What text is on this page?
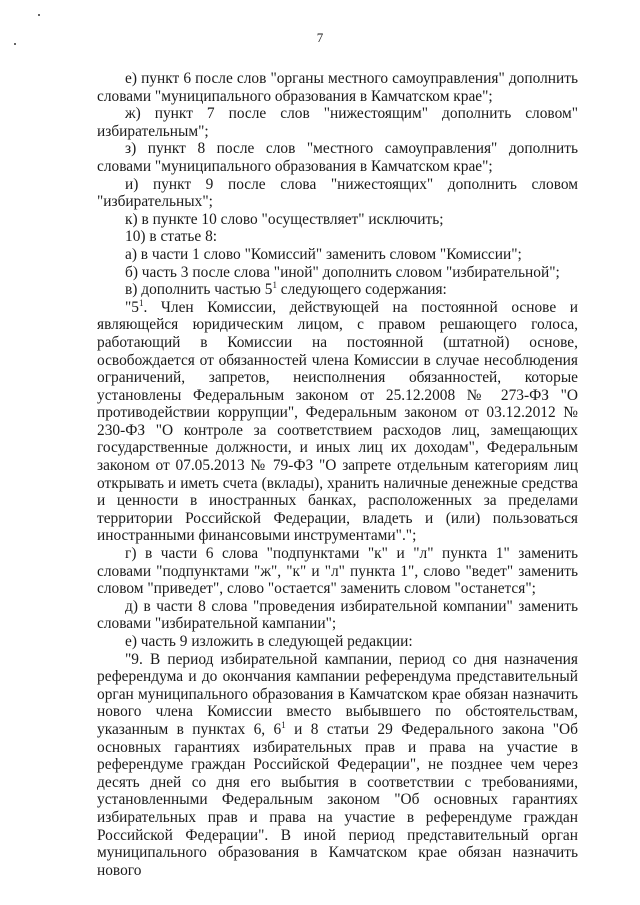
7

е) пункт 6 после слов "органы местного самоуправления" дополнить словами "муниципального образования в Камчатском крае";

ж) пункт 7 после слов "нижестоящим" дополнить словом" избирательным";

з) пункт 8 после слов "местного самоуправления" дополнить словами "муниципального образования в Камчатском крае";

и) пункт 9 после слова "нижестоящих" дополнить словом "избирательных";

к) в пункте 10 слово "осуществляет" исключить;

10) в статье 8:

а) в части 1 слово "Комиссий" заменить словом "Комиссии";

б) часть 3 после слова "иной" дополнить словом "избирательной";

в) дополнить частью $5^1$ следующего содержания:

"$5^1$. Член Комиссии, действующей на постоянной основе и являющейся юридическим лицом, с правом решающего голоса, работающий в Комиссии на постоянной (штатной) основе, освобождается от обязанностей члена Комиссии в случае несоблюдения ограничений, запретов, неисполнения обязанностей, которые установлены Федеральным законом от 25.12.2008 № 273-ФЗ "О противодействии коррупции", Федеральным законом от 03.12.2012 № 230-ФЗ "О контроле за соответствием расходов лиц, замещающих государственные должности, и иных лиц их доходам", Федеральным законом от 07.05.2013 № 79-ФЗ "О запрете отдельным категориям лиц открывать и иметь счета (вклады), хранить наличные денежные средства и ценности в иностранных банках, расположенных за пределами территории Российской Федерации, владеть и (или) пользоваться иностранными финансовыми инструментами".";

г) в части 6 слова "подпунктами "к" и "л" пункта 1" заменить словами "подпунктами "ж", "к" и "л" пункта 1", слово "ведет" заменить словом "приведет", слово "остается" заменить словом "останется";

д) в части 8 слова "проведения избирательной компании" заменить словами "избирательной кампании";

е) часть 9 изложить в следующей редакции:

"9. В период избирательной кампании, период со дня назначения референдума и до окончания кампании референдума представительный орган муниципального образования в Камчатском крае обязан назначить нового члена Комиссии вместо выбывшего по обстоятельствам, указанным в пунктах 6, $6^1$ и 8 статьи 29 Федерального закона "Об основных гарантиях избирательных прав и права на участие в референдуме граждан Российской Федерации", не позднее чем через десять дней со дня его выбытия в соответствии с требованиями, установленными Федеральным законом "Об основных гарантиях избирательных прав и права на участие в референдуме граждан Российской Федерации". В иной период представительный орган муниципального образования в Камчатском крае обязан назначить нового
